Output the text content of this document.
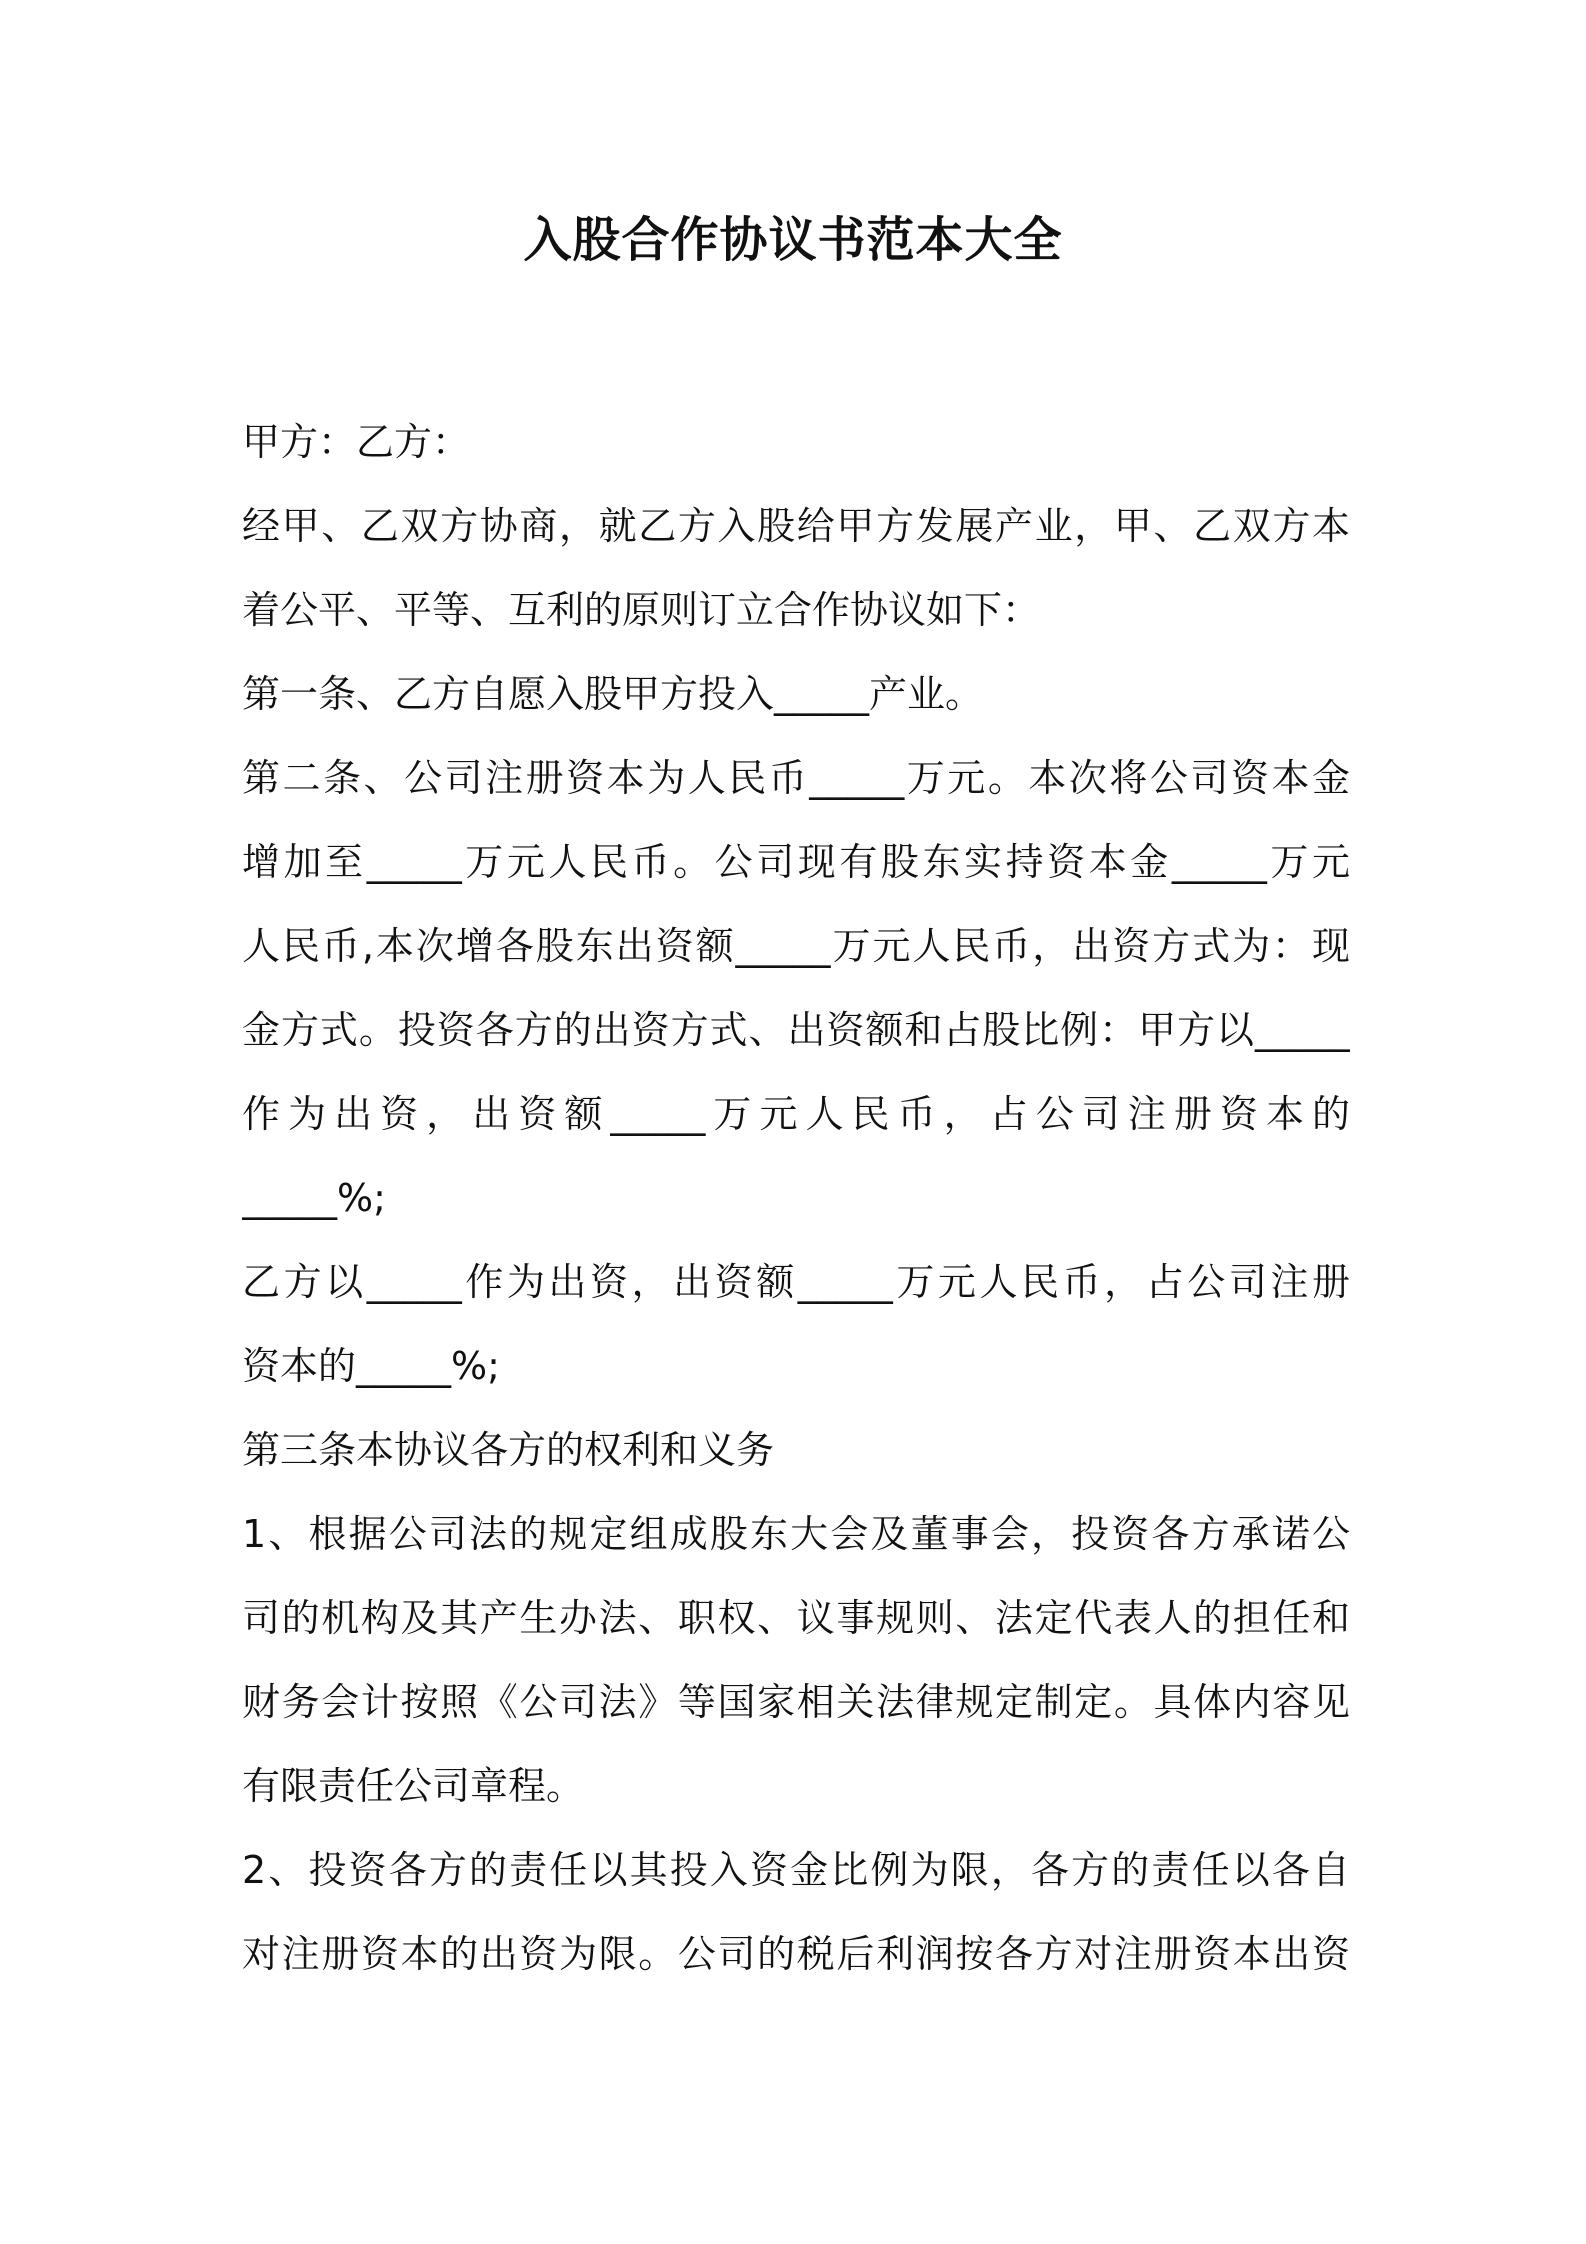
入股合作协议书范本大全
甲方：乙方：
经甲、乙双方协商，就乙方入股给甲方发展产业，甲、乙双方本
着公平、平等、互利的原则订立合作协议如下：
第一条、乙方自愿入股甲方投入_____产业。
第二条、公司注册资本为人民币_____万元。本次将公司资本金
增加至_____万元人民币。公司现有股东实持资本金_____万元
人民币,本次增各股东出资额_____万元人民币，出资方式为：现
金方式。投资各方的出资方式、出资额和占股比例：甲方以_____
作为出资，出资额_____万元人民币，占公司注册资本的
_____%;
乙方以_____作为出资，出资额_____万元人民币，占公司注册
资本的_____%;
第三条本协议各方的权利和义务
1、根据公司法的规定组成股东大会及董事会，投资各方承诺公
司的机构及其产生办法、职权、议事规则、法定代表人的担任和
财务会计按照《公司法》等国家相关法律规定制定。具体内容见
有限责任公司章程。
2、投资各方的责任以其投入资金比例为限，各方的责任以各自
对注册资本的出资为限。公司的税后利润按各方对注册资本出资
